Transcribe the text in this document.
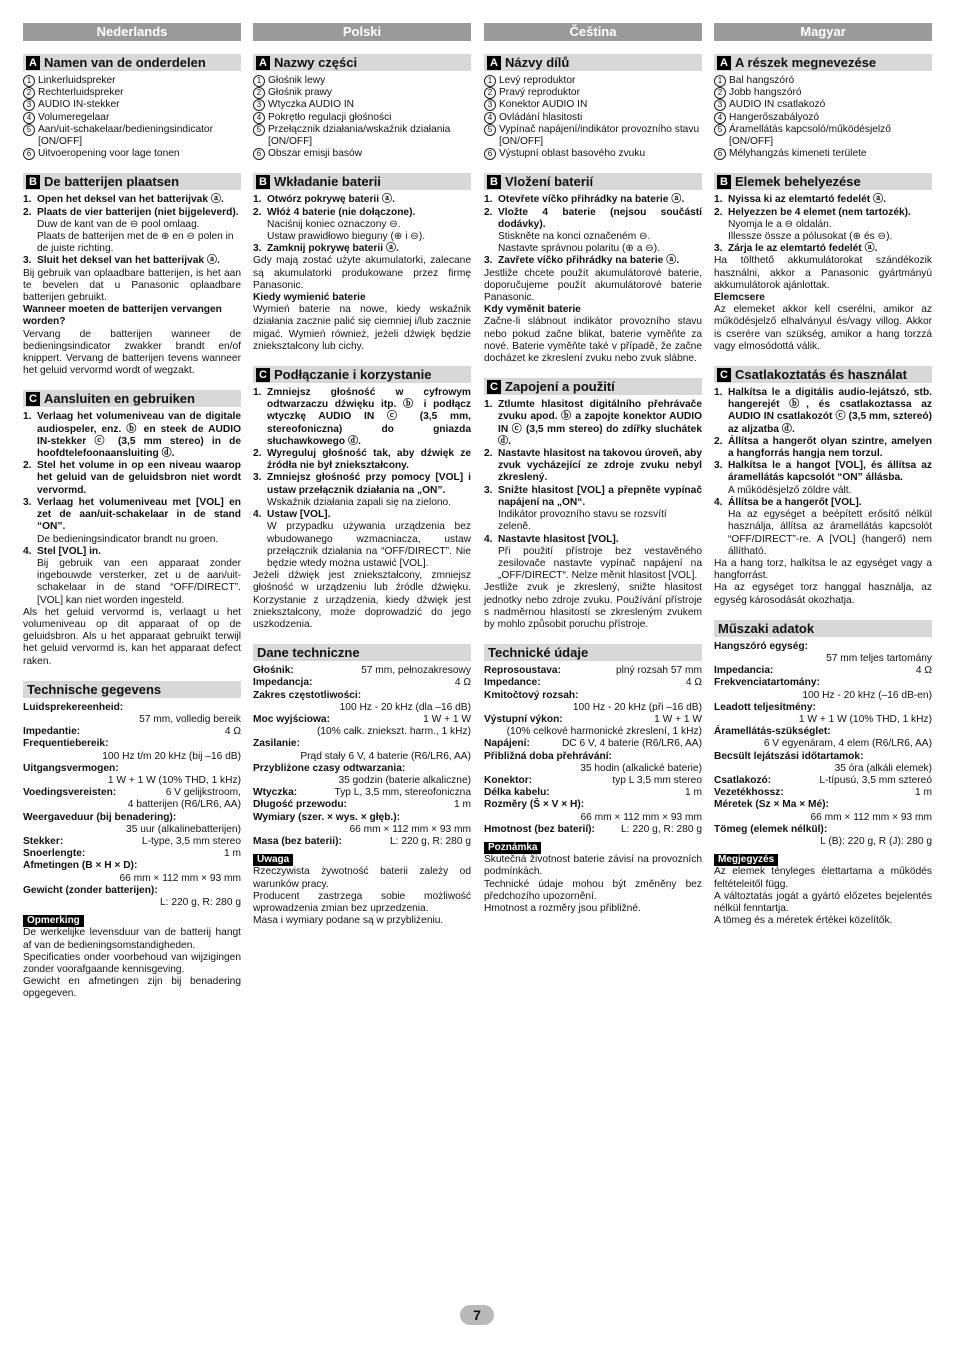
Nederlands
A Namen van de onderdelen
1 Linkerluidspreker
2 Rechterluidspreker
3 AUDIO IN-stekker
4 Volumeregelaar
5 Aan/uit-schakelaar/bedieningsindicator [ON/OFF]
6 Uitvoeropening voor lage tonen
B De batterijen plaatsen
1. Open het deksel van het batterijvak ⓐ.
2. Plaats de vier batterijen (niet bijgeleverd).
Duw de kant van de ⊖ pool omlaag.
Plaats de batterijen met de ⊕ en ⊖ polen in de juiste richting.
3. Sluit het deksel van het batterijvak ⓐ.
Bij gebruik van oplaadbare batterijen, is het aan te bevelen dat u Panasonic oplaadbare batterijen gebruikt.
Wanneer moeten de batterijen vervangen worden?
Vervang de batterijen wanneer de bedieningsindicator zwakker brandt en/of knippert. Vervang de batterijen tevens wanneer het geluid vervormd wordt of wegzakt.
C Aansluiten en gebruiken
1. Verlaag het volumeniveau van de digitale audiospeler, enz. ⓑ en steek de AUDIO IN-stekker ⓒ (3,5 mm stereo) in de hoofdtelefoonaansluiting ⓓ.
2. Stel het volume in op een niveau waarop het geluid van de geluidsbron niet wordt vervormd.
3. Verlaag het volumeniveau met [VOL] en zet de aan/uit-schakelaar in de stand “ON”.
De bedieningsindicator brandt nu groen.
4. Stel [VOL] in.
Bij gebruik van een apparaat zonder ingebouwde versterker, zet u de aan/uit-schakelaar in de stand “OFF/DIRECT”. [VOL] kan niet worden ingesteld.
Als het geluid vervormd is, verlaagt u het volumeniveau op dit apparaat of op de geluidsbron. Als u het apparaat gebruikt terwijl het geluid vervormd is, kan het apparaat defect raken.
Technische gegevens
Luidsprekereenheid:
57 mm, volledig bereik
Impedantie:	4 Ω
Frequentiebereik:
100 Hz t/m 20 kHz (bij –16 dB)
Uitgangsvermogen:
1 W + 1 W (10% THD, 1 kHz)
Voedingsvereisten:	6 V gelijkstroom,
4 batterijen (R6/LR6, AA)
Weergaveduur (bij benadering):
35 uur (alkalinebatterijen)
Stekker:	L-type, 3,5 mm stereo
Snoerlengte:	1 m
Afmetingen (B × H × D):
66 mm × 112 mm × 93 mm
Gewicht (zonder batterijen):
L: 220 g, R: 280 g
Opmerking
De werkelijke levensduur van de batterij hangt af van de bedieningsomstandigheden.
Specificaties onder voorbehoud van wijzigingen zonder voorafgaande kennisgeving.
Gewicht en afmetingen zijn bij benadering opgegeven.
Polski
A Nazwy części
1 Głośnik lewy
2 Głośnik prawy
3 Wtyczka AUDIO IN
4 Pokrętło regulacji głośności
5 Przełącznik działania/wskaźnik działania [ON/OFF]
6 Obszar emisji basów
B Wkładanie baterii
1. Otwórz pokrywę baterii ⓐ.
2. Włóż 4 baterie (nie dołączone).
Naciśnij koniec oznaczony ⊖.
Ustaw prawidłowo bieguny (⊕ i ⊖).
3. Zamknij pokrywę baterii ⓐ.
Gdy mają zostać użyte akumulatorki, zalecane są akumulatorki produkowane przez firmę Panasonic.
Kiedy wymienić baterie
Wymień baterie na nowe, kiedy wskaźnik działania zacznie palić się ciemniej i/lub zacznie migać. Wymień również, jeżeli dźwięk będzie zniekształcony lub cichy.
C Podłączanie i korzystanie
1. Zmniejsz głośność w cyfrowym odtwarzaczu dźwięku itp. ⓑ i podłącz wtyczkę AUDIO IN ⓒ (3,5 mm, stereofoniczna) do gniazda słuchawkowego ⓓ.
2. Wyreguluj głośność tak, aby dźwięk ze źródła nie był zniekształcony.
3. Zmniejsz głośność przy pomocy [VOL] i ustaw przełącznik działania na „ON”.
Wskaźnik działania zapali się na zielono.
4. Ustaw [VOL].
W przypadku używania urządzenia bez wbudowanego wzmacniacza, ustaw przełącznik działania na “OFF/DIRECT”. Nie będzie wtedy można ustawić [VOL].
Jeżeli dźwięk jest zniekształcony, zmniejsz głośność w urządzeniu lub źródle dźwięku. Korzystanie z urządzenia, kiedy dźwięk jest zniekształcony, może doprowadzić do jego uszkodzenia.
Dane techniczne
Głośnik:	57 mm, pełnozakresowy
Impedancja:	4 Ω
Zakres częstotliwości:
100 Hz - 20 kHz (dla –16 dB)
Moc wyjściowa:	1 W + 1 W
(10% całk. zniekszt. harm., 1 kHz)
Zasilanie:
Prąd stały 6 V, 4 baterie (R6/LR6, AA)
Przybliżone czasy odtwarzania:
35 godzin (baterie alkaliczne)
Wtyczka:	Typ L, 3,5 mm, stereofoniczna
Długość przewodu:	1 m
Wymiary (szer. × wys. × głęb.):
66 mm × 112 mm × 93 mm
Masa (bez baterii):	L: 220 g, R: 280 g
Uwaga
Rzeczywista żywotność baterii zależy od warunków pracy.
Producent zastrzega sobie możliwość wprowadzenia zmian bez uprzedzenia.
Masa i wymiary podane są w przybliżeniu.
Čeština
A Názvy dílů
1 Levý reproduktor
2 Pravý reproduktor
3 Konektor AUDIO IN
4 Ovládání hlasitosti
5 Vypínač napájení/indikátor provozního stavu [ON/OFF]
6 Výstupní oblast basového zvuku
B Vložení baterií
1. Otevřete víčko přihrádky na baterie ⓐ.
2. Vložte 4 baterie (nejsou součástí dodávky).
Stiskněte na konci označeném ⊖.
Nastavte správnou polaritu (⊕ a ⊖).
3. Zavřete víčko přihrádky na baterie ⓐ.
Jestliže chcete použít akumulátorové baterie, doporučujeme použít akumulátorové baterie Panasonic.
Kdy vyměnit baterie
Začne-li slábnout indikátor provozního stavu nebo pokud začne blikat, baterie vyměňte za nové. Baterie vyměňte také v případě, že začne docházet ke zkreslení zvuku nebo zvuk slábne.
C Zapojení a použití
1. Ztlumte hlasitost digitálního přehrávače zvuku apod. ⓑ a zapojte konektor AUDIO IN ⓒ (3,5 mm stereo) do zdířky sluchátek ⓓ.
2. Nastavte hlasitost na takovou úroveň, aby zvuk vycházející ze zdroje zvuku nebyl zkreslený.
3. Snižte hlasitost [VOL] a přepněte vypínač napájení na „ON“.
Indikátor provozního stavu se rozsvítí zeleně.
4. Nastavte hlasitost [VOL].
Při použití přístroje bez vestavěného zesilovače nastavte vypínač napájení na „OFF/DIRECT“. Nelze měnit hlasitost [VOL].
Jestliže zvuk je zkreslený, snižte hlasitost jednotky nebo zdroje zvuku. Používání přístroje s nadměrnou hlasitostí se zkresleným zvukem by mohlo způsobit poruchu přístroje.
Technické údaje
Reprosoustava:	plný rozsah 57 mm
Impedance:	4 Ω
Kmitočtový rozsah:
100 Hz - 20 kHz (při –16 dB)
Výstupní výkon:	1 W + 1 W
(10% celkové harmonické zkreslení, 1 kHz)
Napájení:	DC 6 V, 4 baterie (R6/LR6, AA)
Přibližná doba přehrávání:
35 hodin (alkalické baterie)
Konektor:	typ L 3,5 mm stereo
Délka kabelu:	1 m
Rozměry (Š × V × H):
66 mm × 112 mm × 93 mm
Hmotnost (bez baterií):	L: 220 g, R: 280 g
Poznámka
Skutečná životnost baterie závisí na provozních podmínkách.
Technické údaje mohou být změněny bez předchozího upozornění.
Hmotnost a rozměry jsou přibližné.
Magyar
A A részek megnevezése
1 Bal hangszóró
2 Jobb hangszóró
3 AUDIO IN csatlakozó
4 Hangerőszabályozó
5 Áramellátás kapcsoló/működésjelző [ON/OFF]
6 Mélyhangzás kimeneti területe
B Elemek behelyezése
1. Nyissa ki az elemtartó fedelét ⓐ.
2. Helyezzen be 4 elemet (nem tartozék).
Nyomja le a ⊖ oldalán.
Illessze össze a pólusokat (⊕ és ⊖).
3. Zárja le az elemtartó fedelét ⓐ.
Ha tölthető akkumulátorokat szándékozik használni, akkor a Panasonic gyártmányú akkumulátorok ajánlottak.
Elemcsere
Az elemeket akkor kell cserélni, amikor az működésjelző elhalványul és/vagy villog. Akkor is cserére van szükség, amikor a hang torzzá vagy elmosódottá válik.
C Csatlakoztatás és használat
1. Halkítsa le a digitális audio-lejátszó, stb. hangerejét ⓑ, és csatlakoztassa az AUDIO IN csatlakozót ⓒ (3,5 mm, sztereó) az aljzatba ⓓ.
2. Állítsa a hangerőt olyan szintre, amelyen a hangforrás hangja nem torzul.
3. Halkítsa le a hangot [VOL], és állítsa az áramellátás kapcsolót “ON” állásba.
A működésjelző zöldre vált.
4. Állítsa be a hangerőt [VOL].
Ha az egységet a beépített erősítő nélkül használja, állítsa az áramellátás kapcsolót “OFF/DIRECT”-re. A [VOL] (hangerő) nem állítható.
Ha a hang torz, halkítsa le az egységet vagy a hangforrást.
Ha az egységet torz hanggal használja, az egység károsodását okozhatja.
Műszaki adatok
Hangszóró egység:
57 mm teljes tartomány
Impedancia:	4 Ω
Frekvenciatartomány:
100 Hz - 20 kHz (–16 dB-en)
Leadott teljesítmény:
1 W + 1 W (10% THD, 1 kHz)
Áramellátás-szükséglet:
6 V egyenáram, 4 elem (R6/LR6, AA)
Becsült lejátszási időtartamok:
35 óra (alkáli elemek)
Csatlakozó:	L-típusú, 3,5 mm sztereó
Vezetékhossz:	1 m
Méretek (Sz × Ma × Mé):
66 mm × 112 mm × 93 mm
Tömeg (elemek nélkül):
L (B): 220 g, R (J): 280 g
Megjegyzés
Az elemek tényleges élettartama a működés feltételeitől függ.
A változtatás jogát a gyártó előzetes bejelentés nélkül fenntartja.
A tömeg és a méretek értékei közelítők.
7
